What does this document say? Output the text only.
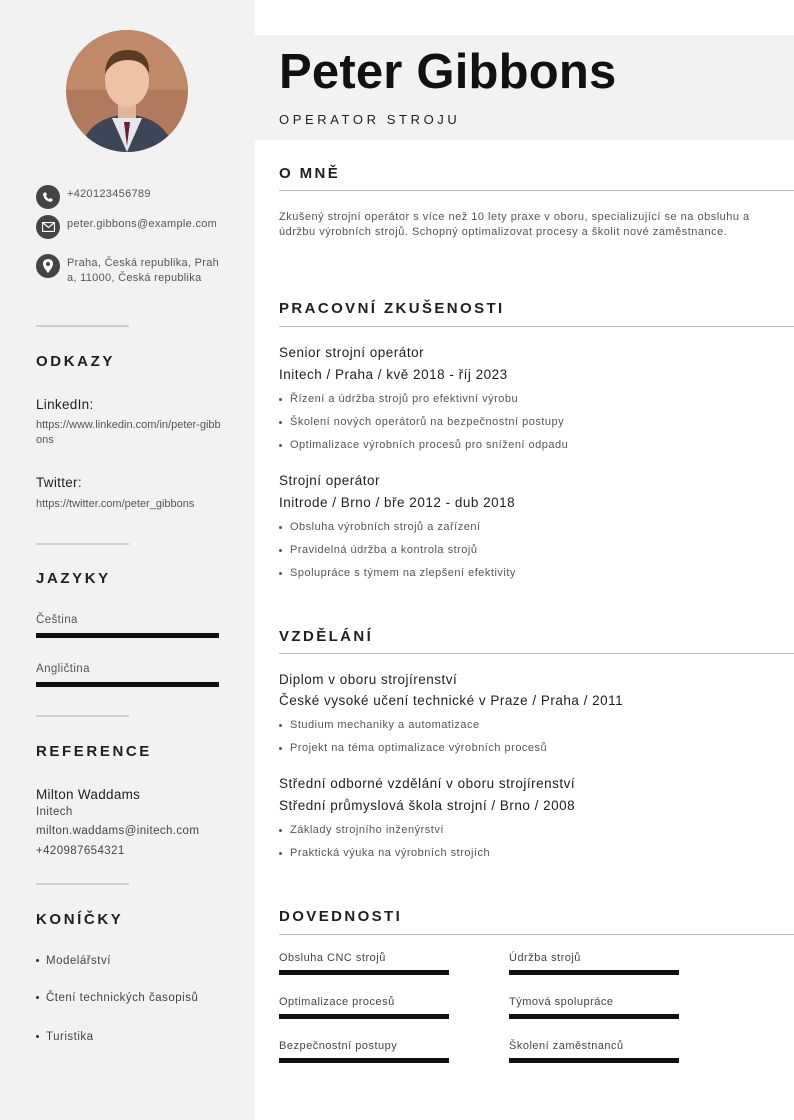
+420123456789
peter.gibbons@example.com
Praha, Česká republika, Praha, 11000, Česká republika
ODKAZY
LinkedIn:
https://www.linkedin.com/in/peter-gibbons
Twitter:
https://twitter.com/peter_gibbons
JAZYKY
Čeština
Angličtina
REFERENCE
Milton Waddams
Initech
milton.waddams@initech.com
+420987654321
KONÍČKY
Modelářství
Čtení technických časopisů
Turistika
Peter Gibbons
OPERATOR STROJU
O MNĚ
Zkušený strojní operátor s více než 10 lety praxe v oboru, specializující se na obsluhu a údržbu výrobních strojů. Schopný optimalizovat procesy a školit nové zaměstnance.
PRACOVNÍ ZKUŠENOSTI
Senior strojní operátor
Initech / Praha / kvě 2018 - říj 2023
Řízení a údržba strojů pro efektivní výrobu
Školení nových operátorů na bezpečnostní postupy
Optimalizace výrobních procesů pro snížení odpadu
Strojní operátor
Initrode / Brno / bře 2012 - dub 2018
Obsluha výrobních strojů a zařízení
Pravidelná údržba a kontrola strojů
Spolupráce s týmem na zlepšení efektivity
VZDĚLÁNÍ
Diplom v oboru strojírenství
České vysoké učení technické v Praze / Praha / 2011
Studium mechaniky a automatizace
Projekt na téma optimalizace výrobních procesů
Střední odborné vzdělání v oboru strojírenství
Střední průmyslová škola strojní / Brno / 2008
Základy strojního inženýrství
Praktická výuka na výrobních strojích
DOVEDNOSTI
Obsluha CNC strojů	Údržba strojů
Optimalizace procesů	Týmová spolupráce
Bezpečnostní postupy	Školení zaměstnanců
